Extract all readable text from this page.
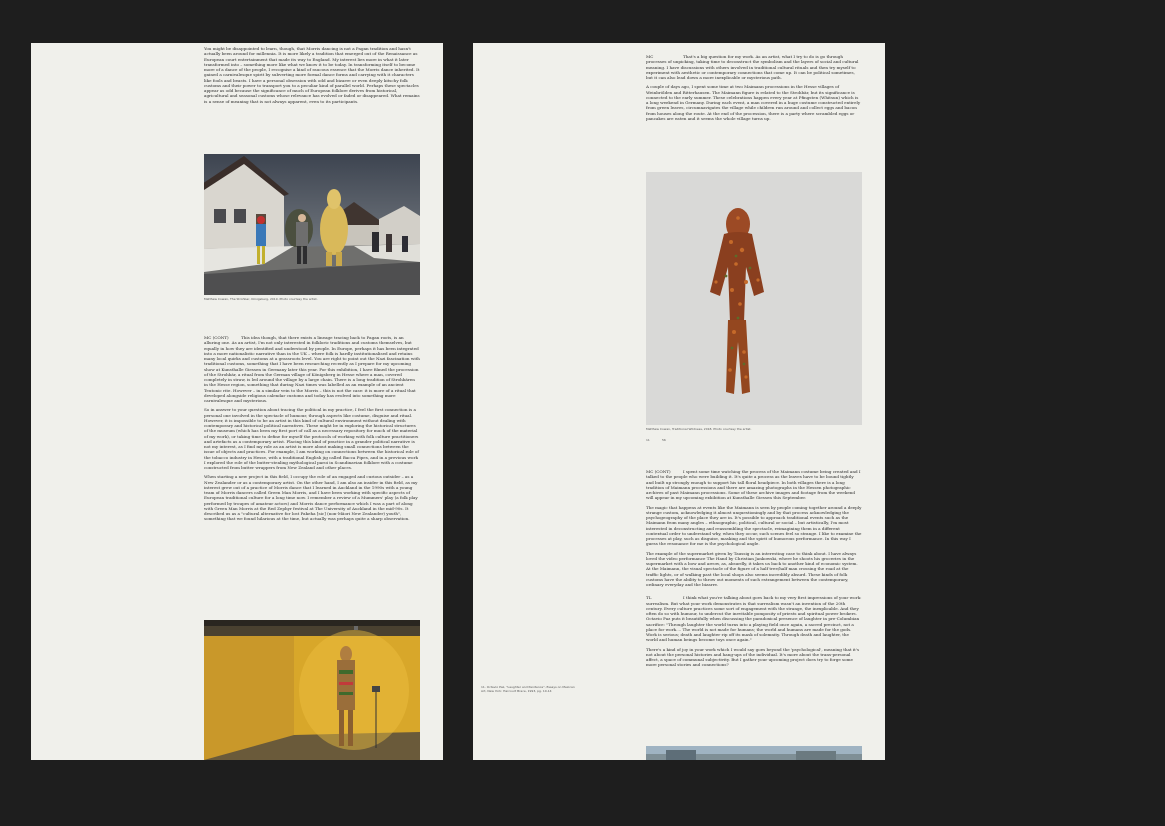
You might be disappointed to learn, though, that Morris dancing is not a Pagan tradition and hasn't actually been around for millennia. It is more likely a tradition that emerged out of the Renaissance as European court entertainment that made its way to England. My interest lies more in what it later transformed into – something more like what we know it to be today. In transforming itself to become more of a dance of the people, I recognise a kind of raucous essence that the Morris dance inherited. It gained a carnivalesque spirit by subverting more formal dance forms and carrying with it characters like fools and beasts. I have a personal obsession with odd and bizarre or even deeply kitschy folk customs and their power to transport you to a peculiar kind of parallel world. Perhaps these spectacles appear as odd because the significance of much of European folklore derives from historical, agricultural and seasonal customs whose relevance has evolved or faded or disappeared. What remains is a sense of meaning that is not always apparent, even to its participants.

Matthew Cowan, The Strohbar, Königsberg, 2019. Photo courtesy the artist.

MC (CONT)	This idea though, that there exists a lineage tracing back to Pagan roots, is an alluring one. As an artist, I'm not only interested in folkloric traditions and customs themselves, but equally in how they are identified and understood by people. In Europe, perhaps it has been integrated into a more nationalistic narrative than in the UK – where folk is hardly institutionalised and retains many local quirks and customs at a grassroots level. You are right to point out the Nazi fascination with traditional customs, something that I have been researching recently as I prepare for my upcoming show at Kunsthalle Giessen in Germany later this year. For this exhibition, I have filmed the procession of the Strohbär, a ritual from the German village of Königsberg in Hesse where a man, covered completely in straw, is led around the village by a large chain. There is a long tradition of Strohbären in the Hesse region, something that during Nazi times was labelled as an example of an ancient Teutonic rite. However – in a similar vein to the Morris – this is not the case: it is more of a ritual that developed alongside religious calendar customs and today has evolved into something more carnivalesque and mysterious.

So in answer to your question about tracing the political in my practice, I feel the first connection is a personal one involved in the spectacle of humour, through aspects like costume, disguise and ritual. However, it is impossible to be an artist in this kind of cultural environment without dealing with contemporary and historical political narratives. These might be in exploring the historical structures of the museum (which has been my first port of call as a necessary repository for much of the material of my work), or taking time to define for myself the protocols of working with folk culture practitioners and artefacts as a contemporary artist. Placing this kind of practice in a grander political narrative is not my interest, as I find my role as an artist is more about making small connections between the issue of objects and practices. For example, I am working on connections between the historical role of the tobacco industry in Hesse, with a traditional English jig called Bacca Pipes, and in a previous work I explored the role of the butter-stealing mythological paroi in Scandinavian folklore with a costume constructed from butter wrappers from New Zealand and other places.

When starting a new project in this field, I occupy the role of an engaged and curious outsider – as a New Zealander or as a contemporary artist. On the other hand, I am also an insider in this field, as my interest grew out of a practice of Morris dance that I learned in Auckland in the 1990s with a young team of Morris dancers called Green Man Morris, and I have been working with specific aspects of European traditional culture for a long time now. I remember a review of a Mummers' play (a folk play performed by troupes of amateur actors) and Morris dance performance which I was a part of along with Green Man Morris at the Red Zephyr festival at The University of Auckland in the mid-90s. It described us as a "cultural alternative for lost Pakeha [sic] (non-Māori New Zealander) youth", something that we found hilarious at the time, but actually was perhaps quite a sharp observation.

MC	That's a big question for my work. As an artist, what I try to do is go through processes of unpicking, taking time to deconstruct the symbolism and the layers of social and cultural meaning. I have discussions with others involved in traditional cultural rituals and then try myself to experiment with aesthetic or contemporary connections that come up. It can be political sometimes, but it can also lead down a more inexplicable or mysterious path.

A couple of days ago, I spent some time at two Maimann processions in the Hesse villages of Weinbrölden and Ritterhausen. The Maimann figure is related to the Strohbär, but its significance is connected to the early summer. These celebrations happen every year at Pfingsten (Whitsun) which is a long weekend in Germany. During each event, a man covered in a huge costume constructed entirely from green leaves, circumnavigates the village while children run around and collect eggs and bacon from houses along the route. At the end of the procession, there is a party where scrambled eggs or pancakes are eaten and it seems the whole village turns up.

Matthew Cowan, Traditional Wildness, 2018. Photo courtesy the artist.
11	56

MC (CONT)	I spent some time watching the process of the Maimann costume being created and I talked to the people who were building it. It's quite a process as the leaves have to be bound tightly and built up strongly enough to support his tall floral headpiece. In both villages there is a long tradition of Maimann processions and there are amazing photographs in the Hessen photographic archives of past Maimann processions. Some of these archive images and footage from the weekend will appear in my upcoming exhibition at Kunsthalle Giessen this September.

The magic that happens at events like the Maimann is seen by people coming together around a deeply strange custom, acknowledging it almost unquestioningly and by that process acknowledging the psychogeography of the place they are in. It's possible to approach traditional events such as the Maimann from many angles – ethnographic, political, cultural or social – but artistically, I'm most interested in deconstructing and reassembling the spectacle, reimagining them in a different contextual order to understand why, when they occur, such scenes feel so strange. I like to examine the processes at play, such as disguise, masking and the spirit of humorous performance. In this way I guess the resonance for me is the psychological angle.

The example of the supermarket given by Taussig is an interesting case to think about. I have always loved the video performance The Hand by Christian Jankowski, where he shoots his groceries in the supermarket with a bow and arrow, as, absurdly, it takes us back to another kind of economic system. At the Maimann, the visual spectacle of the figure of a half tree/half man crossing the road at the traffic lights, or of walking past the local shops also seems incredibly absurd. These kinds of folk customs have the ability to throw out moments of such estrangement between the contemporary, ordinary everyday and the bizarre.

TL	I think what you're talking about goes back to my very first impressions of your work: surrealism. But what your work demonstrates is that surrealism wasn't an invention of the 20th century. Every culture practices some sort of engagement with the strange, the inexplicable. And they often do so with humour, to undercut the inevitable pomposity of priests and spiritual power brokers. Octavio Paz puts it beautifully when discussing the paradoxical presence of laughter in pre-Columbian sacrifice: "Through laughter the world turns into a playing field once again, a sacred precinct, not a place for work.... The world is not made for humans; the world and humans are made for the gods. Work is serious; death and laughter rip off its mask of solemnity. Through death and laughter, the world and human beings become toys once again."

There's a kind of joy in your work which I would say goes beyond the 'psychological', meaning that it's not about the personal histories and hang-ups of the individual. It's more about the trans-personal affect, a space of communal subjectivity. But I gather your upcoming project does try to forge some more personal stories and connections?

11. Octavio Paz, "Laughter and Penitence", Essays on Mexican Art, New York: Harcourt Brace, 1993, pg. 10-14
